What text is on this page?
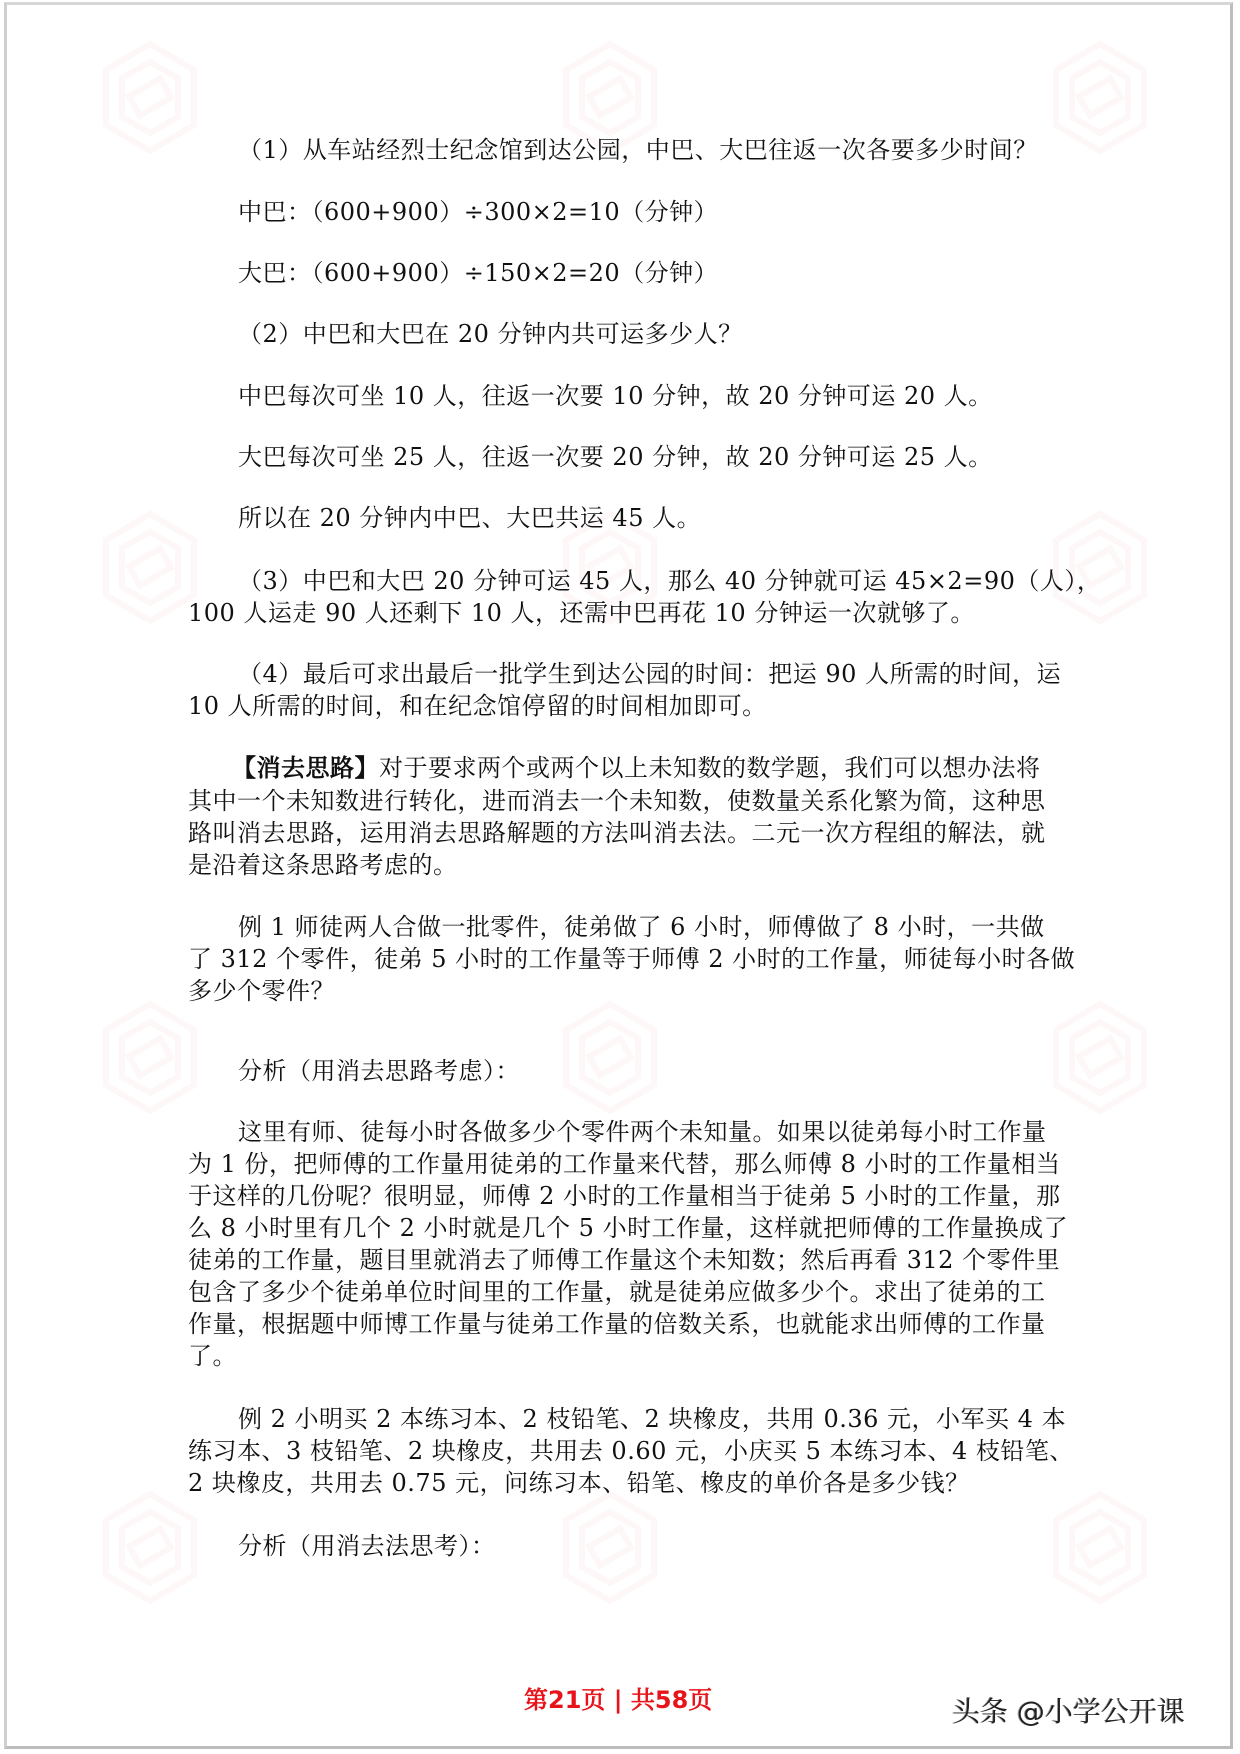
（1）从车站经烈士纪念馆到达公园，中巴、大巴往返一次各要多少时间？
中巴：（600+900）÷300×2=10（分钟）
大巴：（600+900）÷150×2=20（分钟）
（2）中巴和大巴在 20 分钟内共可运多少人？
中巴每次可坐 10 人，往返一次要 10 分钟，故 20 分钟可运 20 人。
大巴每次可坐 25 人，往返一次要 20 分钟，故 20 分钟可运 25 人。
所以在 20 分钟内中巴、大巴共运 45 人。
（3）中巴和大巴 20 分钟可运 45 人，那么 40 分钟就可运 45×2=90（人），
100 人运走 90 人还剩下 10 人，还需中巴再花 10 分钟运一次就够了。
（4）最后可求出最后一批学生到达公园的时间：把运 90 人所需的时间，运
10 人所需的时间，和在纪念馆停留的时间相加即可。
【消去思路】对于要求两个或两个以上未知数的数学题，我们可以想办法将
其中一个未知数进行转化，进而消去一个未知数，使数量关系化繁为简，这种思
路叫消去思路，运用消去思路解题的方法叫消去法。二元一次方程组的解法，就
是沿着这条思路考虑的。
例 1 师徒两人合做一批零件，徒弟做了 6 小时，师傅做了 8 小时，一共做
了 312 个零件，徒弟 5 小时的工作量等于师傅 2 小时的工作量，师徒每小时各做
多少个零件？
分析（用消去思路考虑）：
这里有师、徒每小时各做多少个零件两个未知量。如果以徒弟每小时工作量
为 1 份，把师傅的工作量用徒弟的工作量来代替，那么师傅 8 小时的工作量相当
于这样的几份呢？很明显，师傅 2 小时的工作量相当于徒弟 5 小时的工作量，那
么 8 小时里有几个 2 小时就是几个 5 小时工作量，这样就把师傅的工作量换成了
徒弟的工作量，题目里就消去了师傅工作量这个未知数；然后再看 312 个零件里
包含了多少个徒弟单位时间里的工作量，就是徒弟应做多少个。求出了徒弟的工
作量，根据题中师博工作量与徒弟工作量的倍数关系，也就能求出师傅的工作量
了。
例 2 小明买 2 本练习本、2 枝铅笔、2 块橡皮，共用 0.36 元，小军买 4 本
练习本、3 枝铅笔、2 块橡皮，共用去 0.60 元，小庆买 5 本练习本、4 枝铅笔、
2 块橡皮，共用去 0.75 元，问练习本、铅笔、橡皮的单价各是多少钱？
分析（用消去法思考）：
第21页 | 共58页	头条 @小学公开课
